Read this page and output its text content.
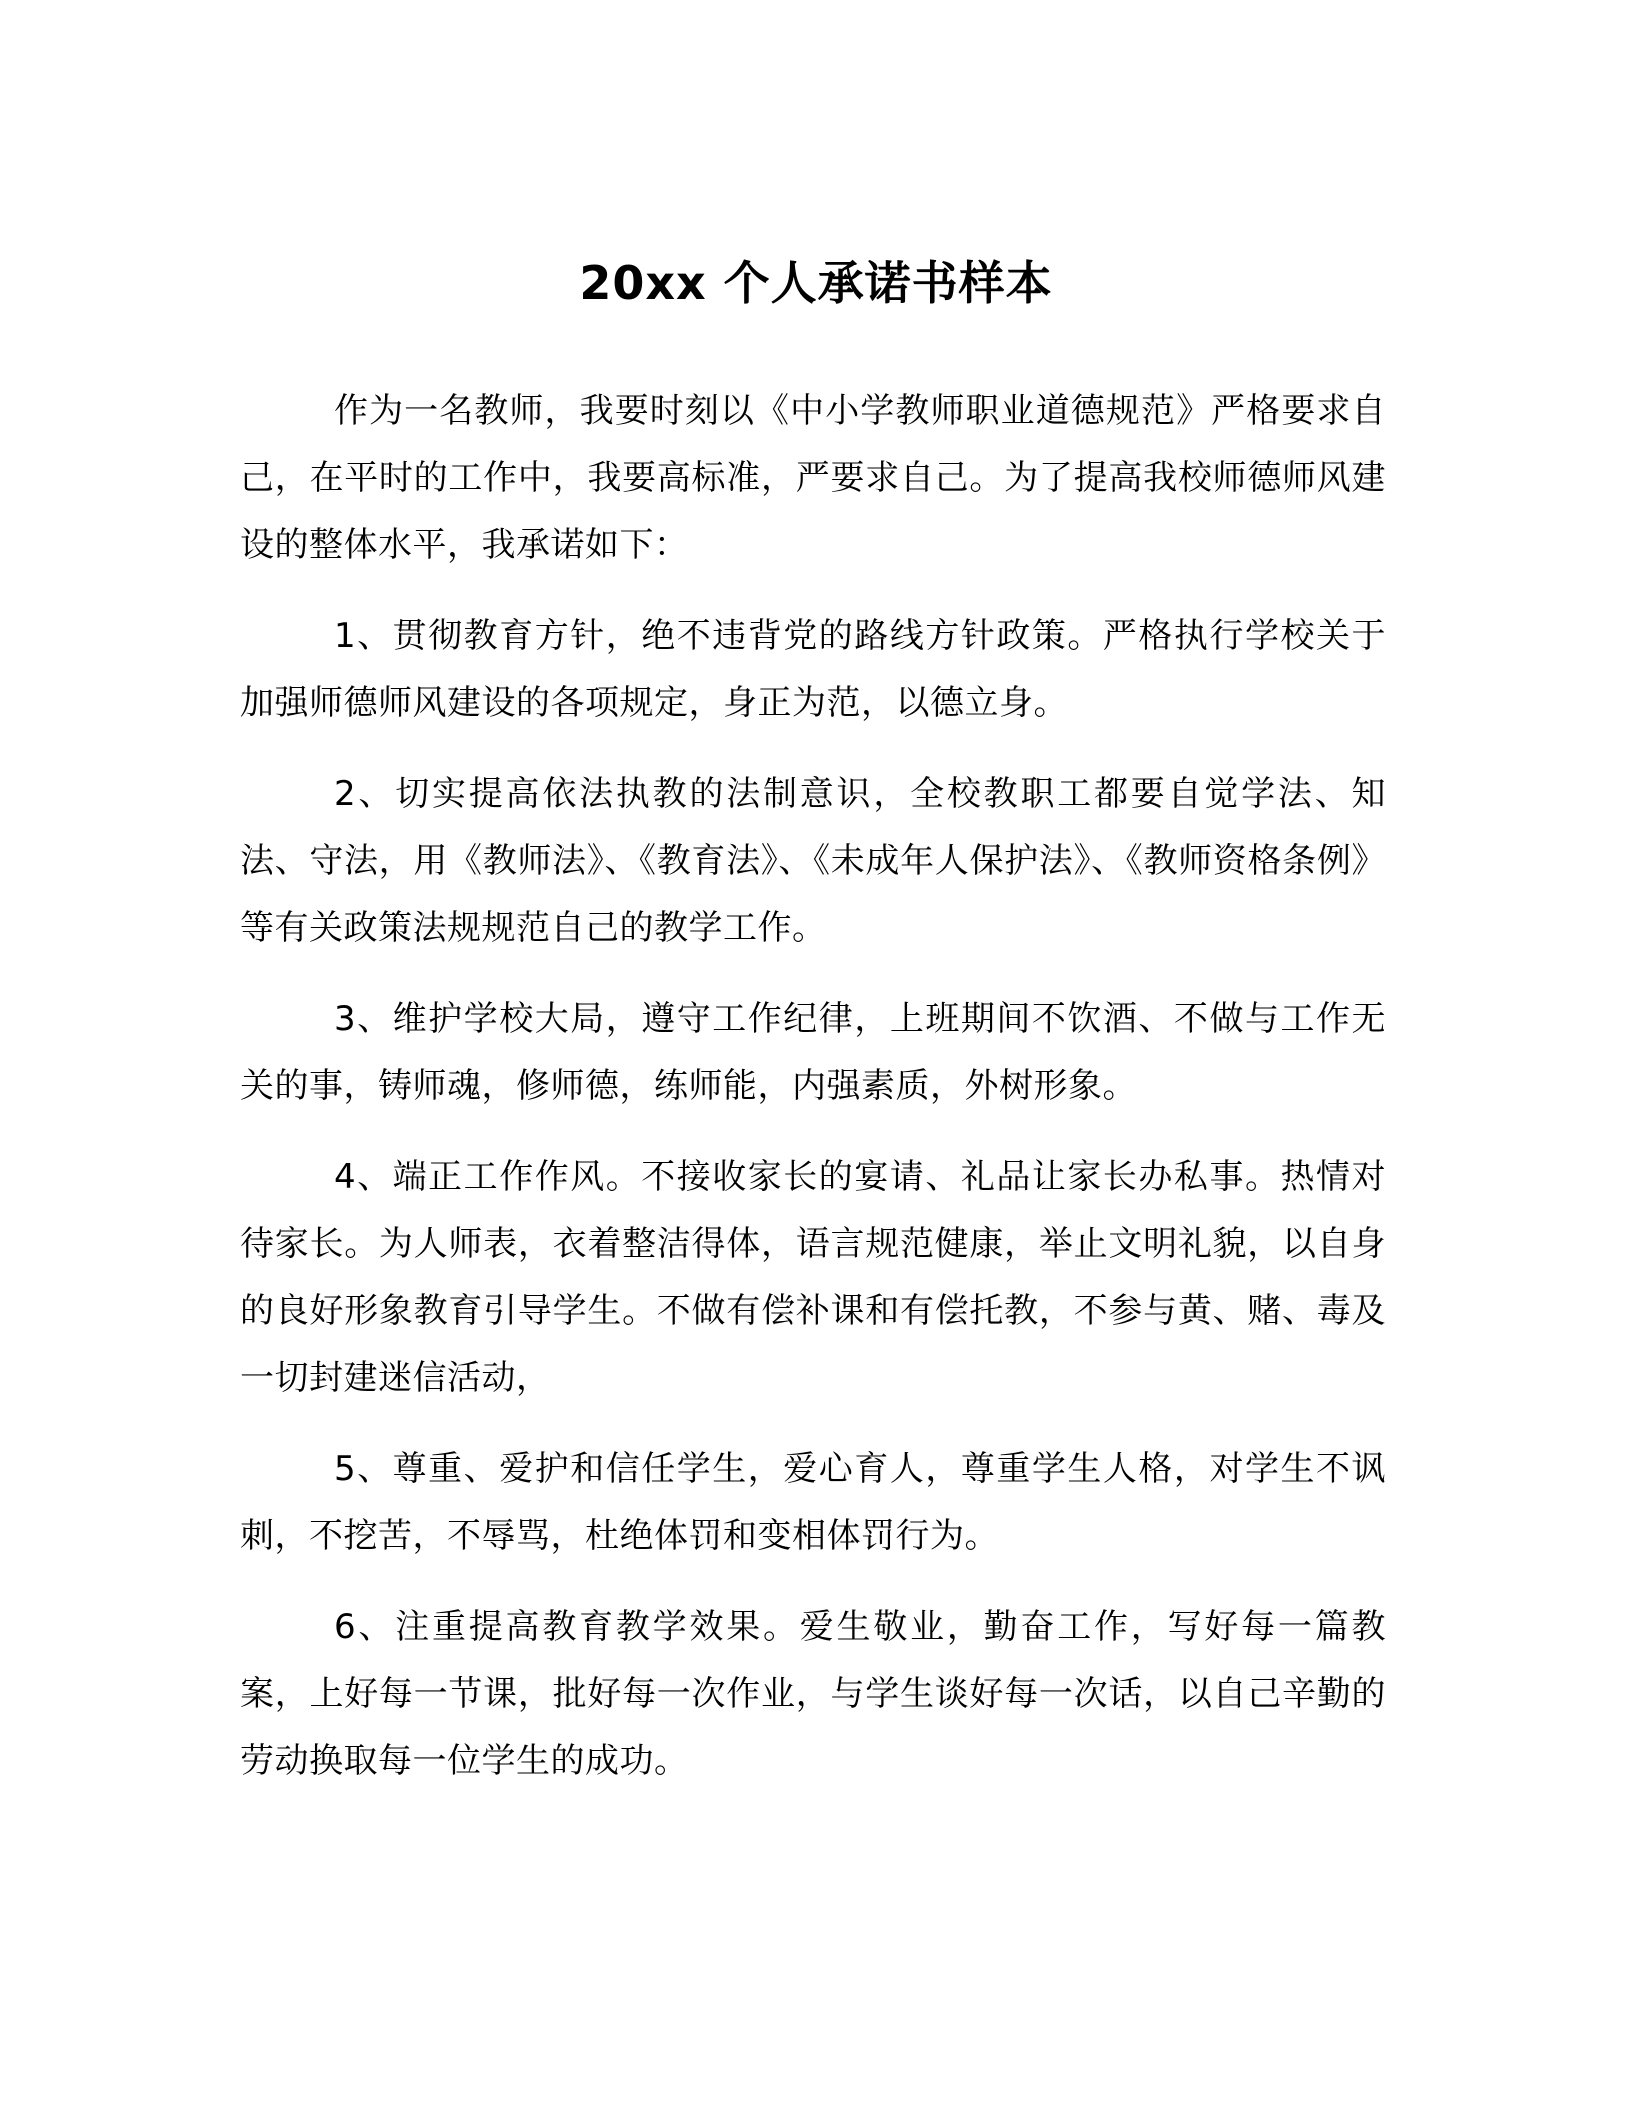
20xx 个人承诺书样本

作为一名教师，我要时刻以《中小学教师职业道德规范》严格要求自己，在平时的工作中，我要高标准，严要求自己。为了提高我校师德师风建设的整体水平，我承诺如下：

1、贯彻教育方针，绝不违背党的路线方针政策。严格执行学校关于加强师德师风建设的各项规定，身正为范，以德立身。

2、切实提高依法执教的法制意识，全校教职工都要自觉学法、知法、守法，用《教师法》、《教育法》、《未成年人保护法》、《教师资格条例》等有关政策法规规范自己的教学工作。

3、维护学校大局，遵守工作纪律，上班期间不饮酒、不做与工作无关的事，铸师魂，修师德，练师能，内强素质，外树形象。

4、端正工作作风。不接收家长的宴请、礼品让家长办私事。热情对待家长。为人师表，衣着整洁得体，语言规范健康，举止文明礼貌，以自身的良好形象教育引导学生。不做有偿补课和有偿托教，不参与黄、赌、毒及一切封建迷信活动，

5、尊重、爱护和信任学生，爱心育人，尊重学生人格，对学生不讽刺，不挖苦，不辱骂，杜绝体罚和变相体罚行为。

6、注重提高教育教学效果。爱生敬业，勤奋工作，写好每一篇教案，上好每一节课，批好每一次作业，与学生谈好每一次话，以自己辛勤的劳动换取每一位学生的成功。
